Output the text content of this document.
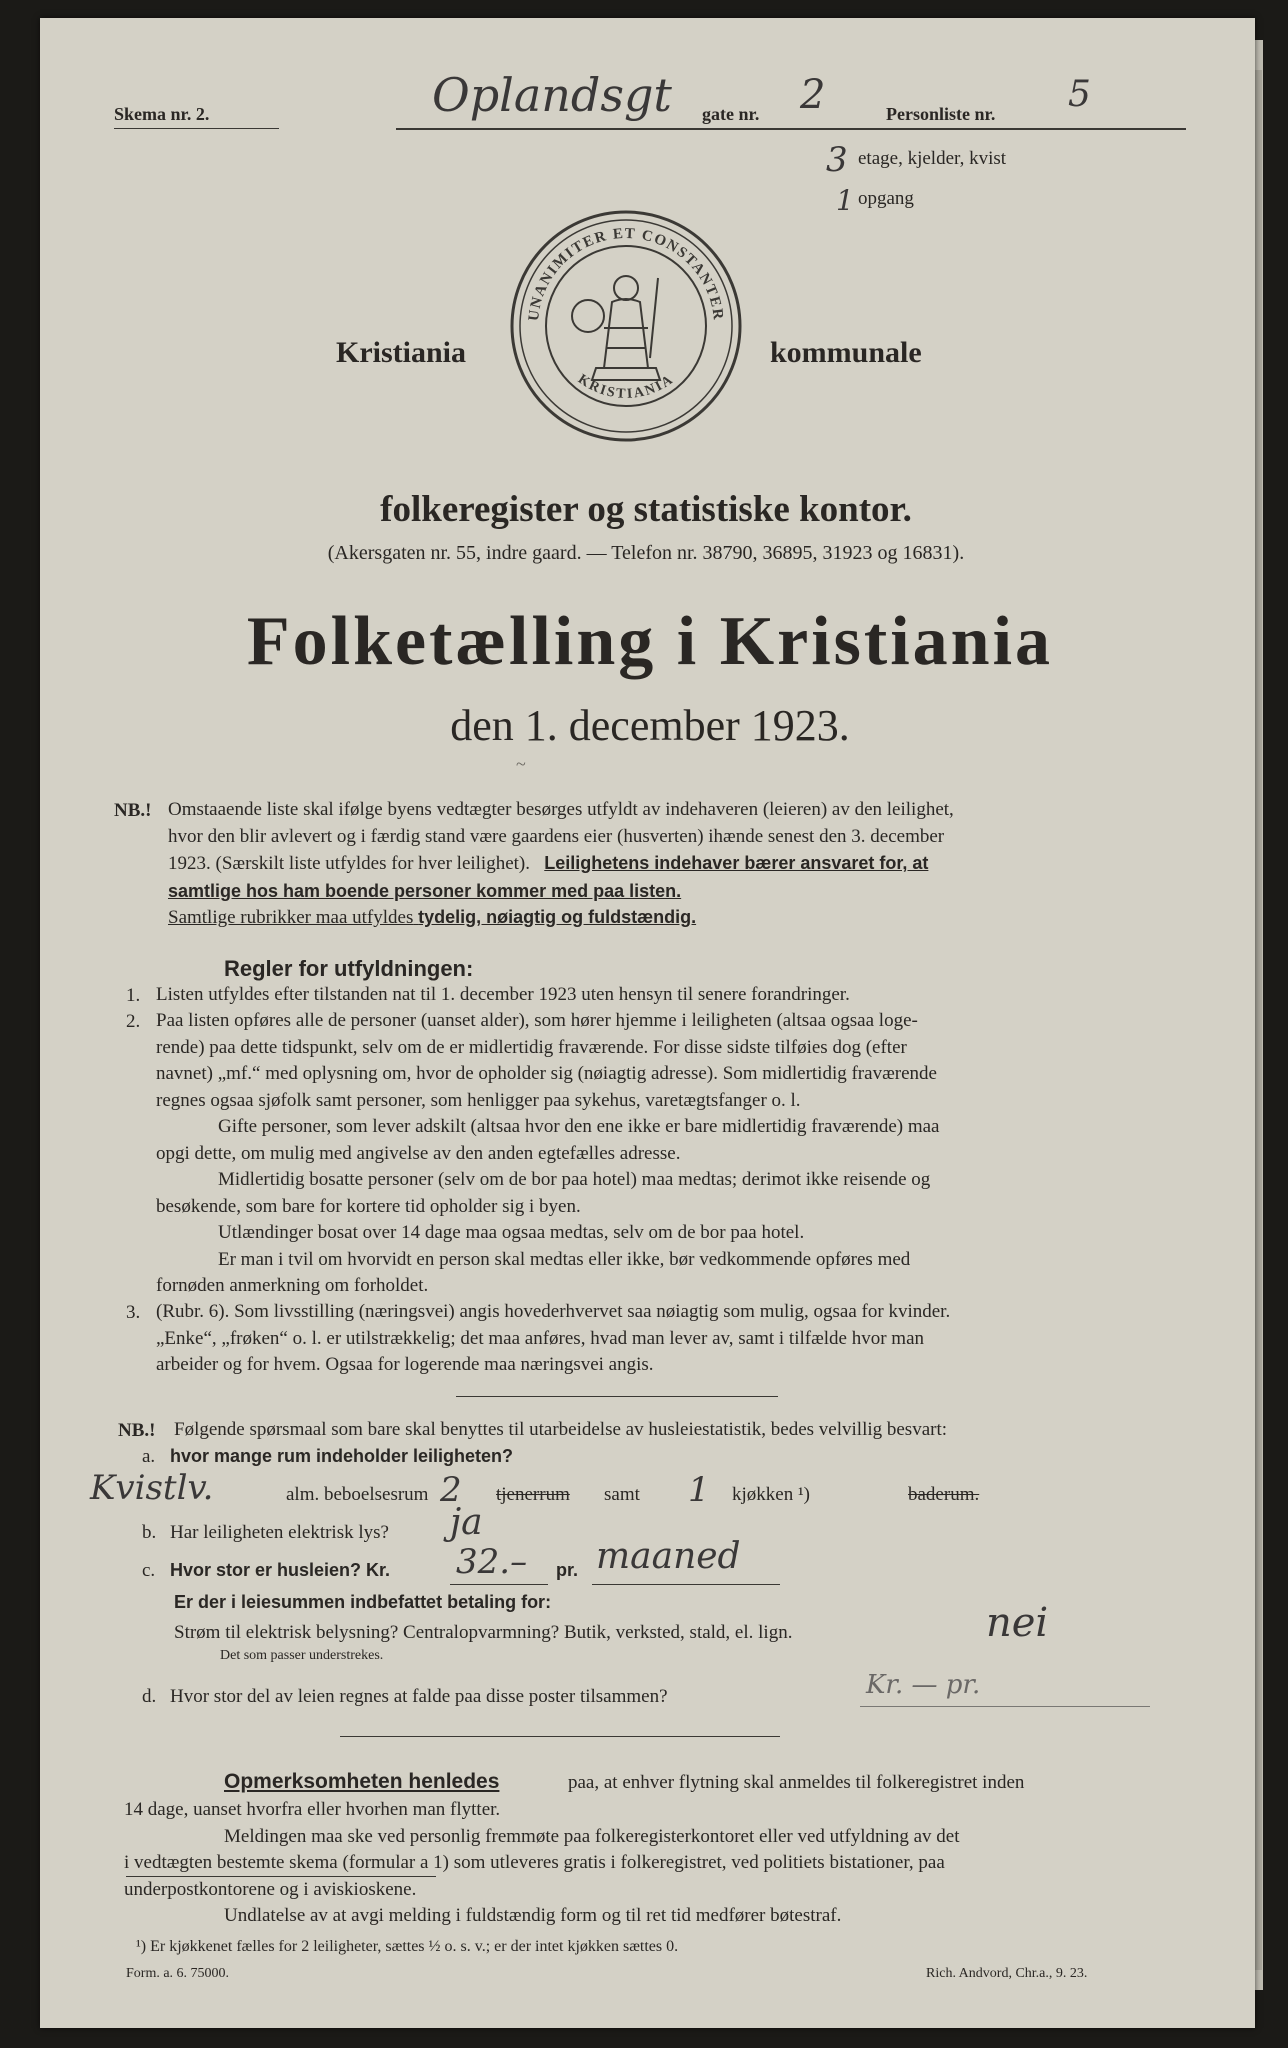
Skema nr. 2.	Oplandsgt gate nr. 2	Personliste nr. 5
3 etage, kjelder, kvist
1 opgang
UNANIMITER ET CONSTANTER
KRISTIANIA
Kristiania	kommunale
folkeregister og statistiske kontor.
(Akersgaten nr. 55, indre gaard. — Telefon nr. 38790, 36895, 31923 og 16831).
Folketælling i Kristiania
den 1. december 1923.
~
NB.! Omstaaende liste skal ifølge byens vedtægter besørges utfyldt av indehaveren (leieren) av den leilighet,
hvor den blir avlevert og i færdig stand være gaardens eier (husverten) ihænde senest den 3. december
1923. (Særskilt liste utfyldes for hver leilighet). Leilighetens indehaver bærer ansvaret for, at
samtlige hos ham boende personer kommer med paa listen.
Samtlige rubrikker maa utfyldes tydelig, nøiagtig og fuldstændig.
Regler for utfyldningen:
1. Listen utfyldes efter tilstanden nat til 1. december 1923 uten hensyn til senere forandringer.
2. Paa listen opføres alle de personer (uanset alder), som hører hjemme i leiligheten (altsaa ogsaa loge-
rende) paa dette tidspunkt, selv om de er midlertidig fraværende. For disse sidste tilføies dog (efter
navnet) „mf.“ med oplysning om, hvor de opholder sig (nøiagtig adresse). Som midlertidig fraværende
regnes ogsaa sjøfolk samt personer, som henligger paa sykehus, varetægtsfanger o. l.
Gifte personer, som lever adskilt (altsaa hvor den ene ikke er bare midlertidig fraværende) maa
opgi dette, om mulig med angivelse av den anden egtefælles adresse.
Midlertidig bosatte personer (selv om de bor paa hotel) maa medtas; derimot ikke reisende og
besøkende, som bare for kortere tid opholder sig i byen.
Utlændinger bosat over 14 dage maa ogsaa medtas, selv om de bor paa hotel.
Er man i tvil om hvorvidt en person skal medtas eller ikke, bør vedkommende opføres med
fornøden anmerkning om forholdet.
3. (Rubr. 6). Som livsstilling (næringsvei) angis hovederhvervet saa nøiagtig som mulig, ogsaa for kvinder.
„Enke“, „frøken“ o. l. er utilstrækkelig; det maa anføres, hvad man lever av, samt i tilfælde hvor man
arbeider og for hvem. Ogsaa for logerende maa næringsvei angis.
NB.! Følgende spørsmaal som bare skal benyttes til utarbeidelse av husleiestatistik, bedes velvillig besvart:
a. hvor mange rum indeholder leiligheten?
Kvistlv.	alm. beboelsesrum 2 tjenerrum samt 1 kjøkken ¹)	baderum.
b. Har leiligheten elektrisk lys? ja
c. Hvor stor er husleien? Kr. 32.– pr. maaned
Er der i leiesummen indbefattet betaling for:
Strøm til elektrisk belysning? Centralopvarmning? Butik, verksted, stald, el. lign.	nei
Det som passer understrekes.
d. Hvor stor del av leien regnes at falde paa disse poster tilsammen?	Kr. — pr.
Opmerksomheten henledes	paa, at enhver flytning skal anmeldes til folkeregistret inden
14 dage, uanset hvorfra eller hvorhen man flytter.
Meldingen maa ske ved personlig fremmøte paa folkeregisterkontoret eller ved utfyldning av det
i vedtægten bestemte skema (formular a 1) som utleveres gratis i folkeregistret, ved politiets bistationer, paa
underpostkontorene og i aviskioskene.
Undlatelse av at avgi melding i fuldstændig form og til ret tid medfører bøtestraf.
¹) Er kjøkkenet fælles for 2 leiligheter, sættes ½ o. s. v.; er der intet kjøkken sættes 0.
Form. a. 6. 75000.	Rich. Andvord, Chr.a., 9. 23.
